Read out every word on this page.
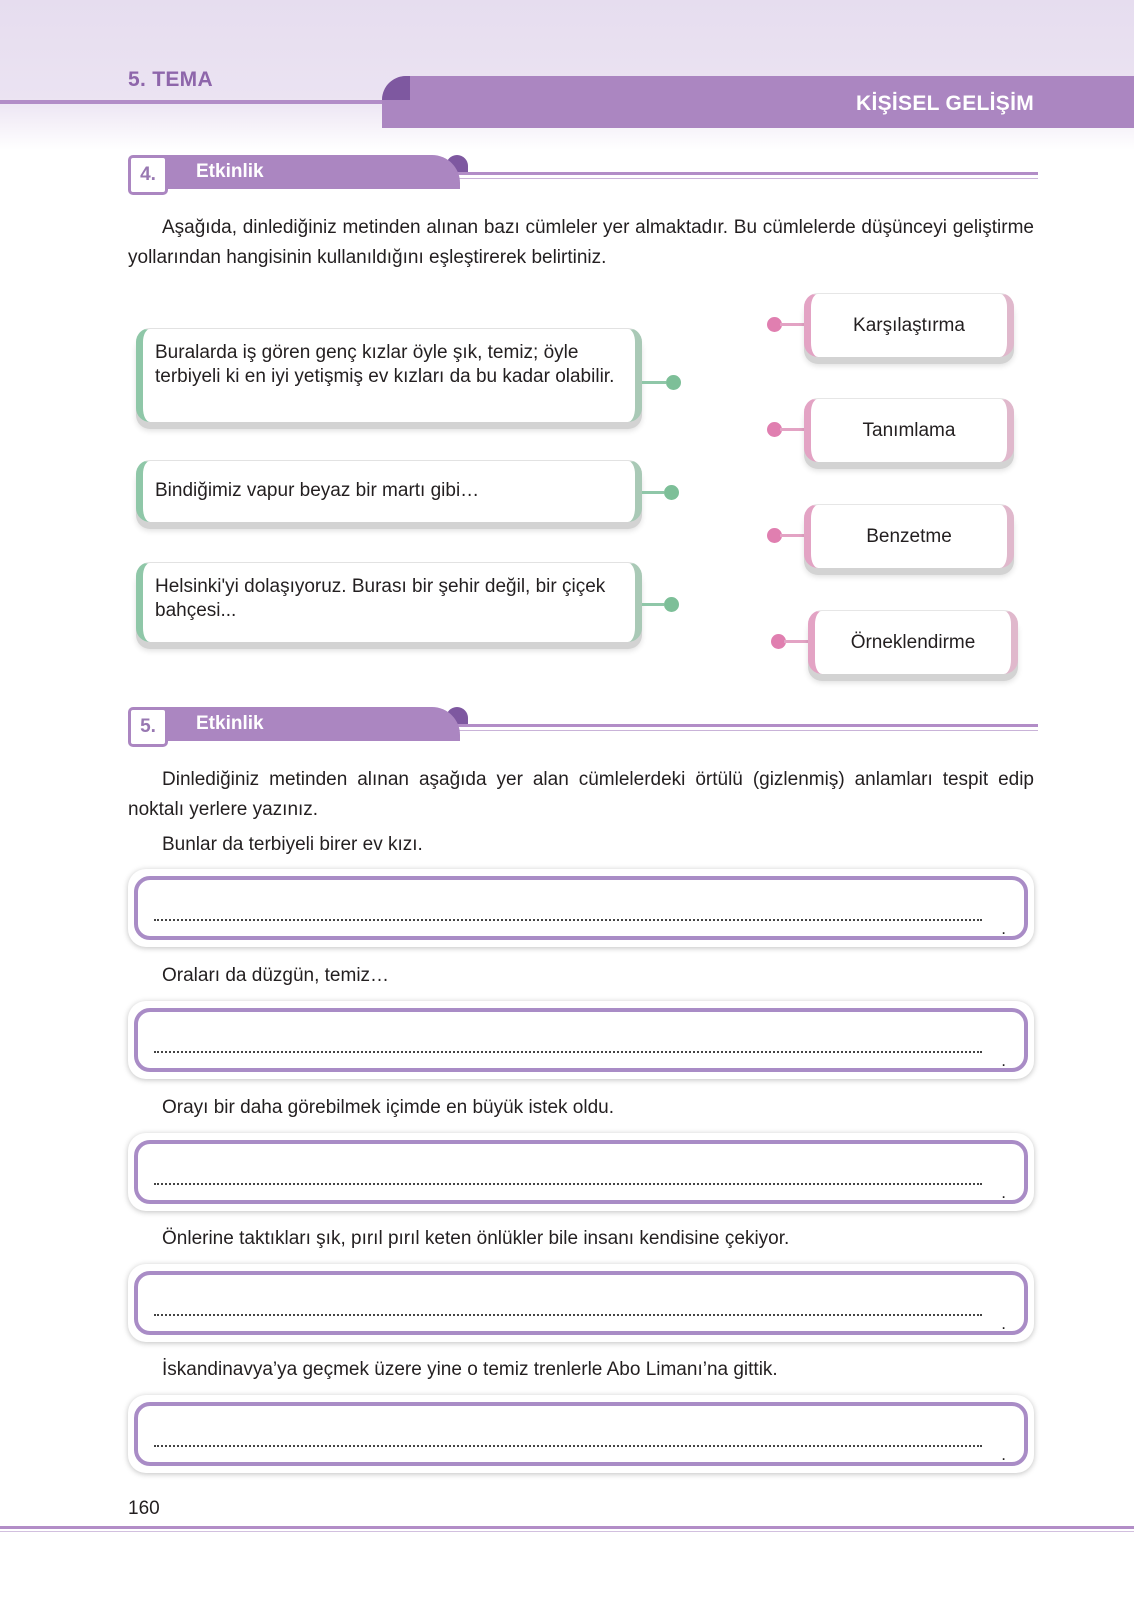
5. TEMA
KİŞİSEL GELİŞİM
4.	Etkinlik
Aşağıda, dinlediğiniz metinden alınan bazı cümleler yer almaktadır. Bu cümlelerde düşünceyi geliştirme yollarından hangisinin kullanıldığını eşleştirerek belirtiniz.
Buralarda iş gören genç kızlar öyle şık, temiz; öyle terbiyeli ki en iyi yetişmiş ev kızları da bu kadar olabilir.
Bindiğimiz vapur beyaz bir martı gibi…
Helsinki'yi dolaşıyoruz. Burası bir şehir değil, bir çiçek bahçesi...
Karşılaştırma
Tanımlama
Benzetme
Örneklendirme
5.	Etkinlik
Dinlediğiniz metinden alınan aşağıda yer alan cümlelerdeki örtülü (gizlenmiş) anlamları tespit edip noktalı yerlere yazınız.
Bunlar da terbiyeli birer ev kızı.
.
Oraları da düzgün, temiz…
.
Orayı bir daha görebilmek içimde en büyük istek oldu.
.
Önlerine taktıkları şık, pırıl pırıl keten önlükler bile insanı kendisine çekiyor.
.
İskandinavya’ya geçmek üzere yine o temiz trenlerle Abo Limanı’na gittik.
.
160
